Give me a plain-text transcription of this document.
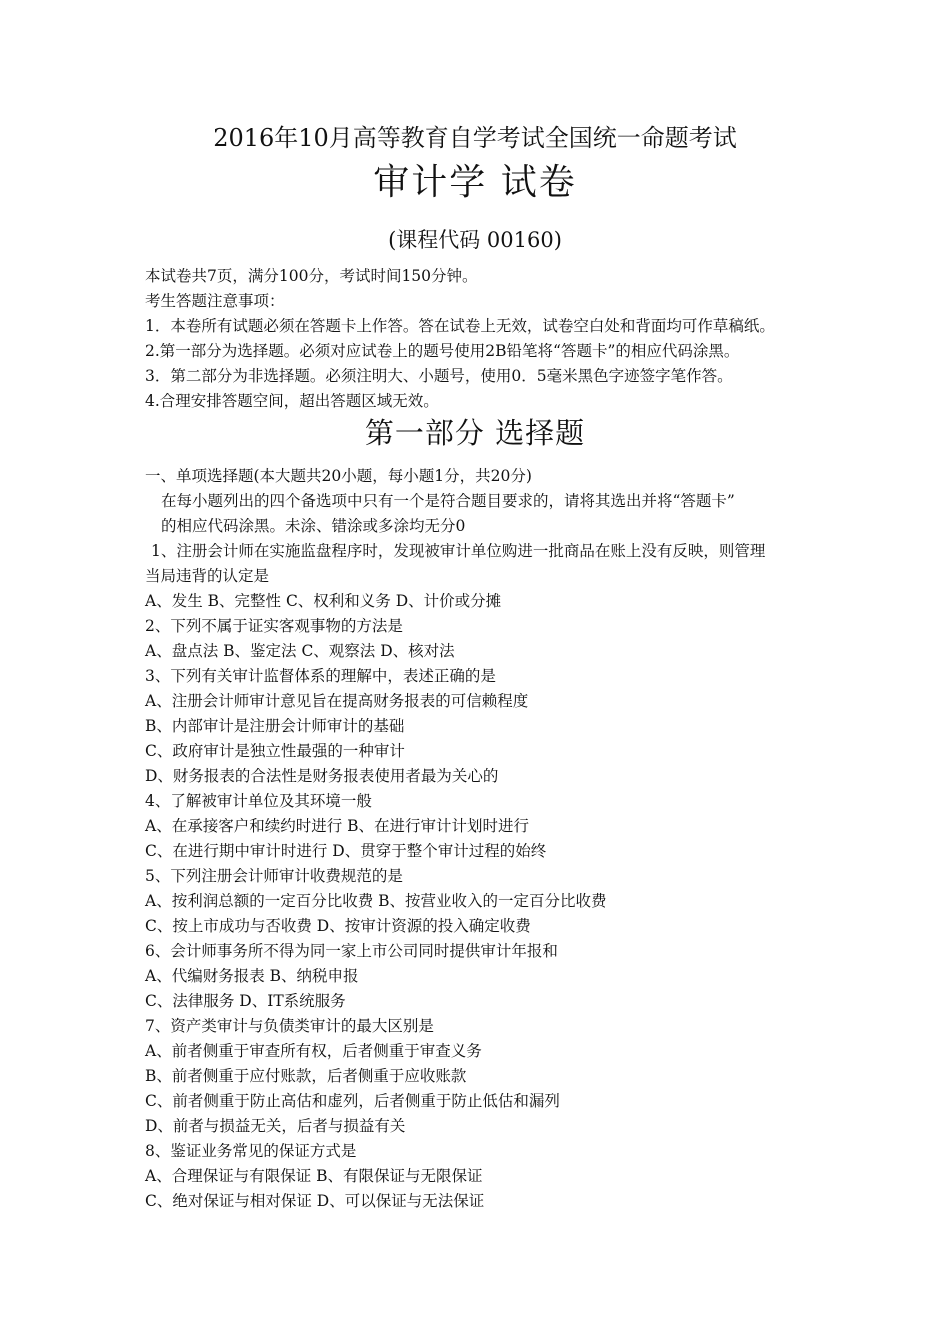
2016年10月高等教育自学考试全国统一命题考试
审计学 试卷
(课程代码 00160)
本试卷共7页，满分100分，考试时间150分钟。
考生答题注意事项：
1．本卷所有试题必须在答题卡上作答。答在试卷上无效，试卷空白处和背面均可作草稿纸。
2.第一部分为选择题。必须对应试卷上的题号使用2B铅笔将“答题卡”的相应代码涂黑。
3．第二部分为非选择题。必须注明大、小题号，使用0．5毫米黑色字迹签字笔作答。
4.合理安排答题空间，超出答题区域无效。
第一部分 选择题
一、单项选择题(本大题共20小题，每小题1分，共20分)
在每小题列出的四个备选项中只有一个是符合题目要求的，请将其选出并将“答题卡”
的相应代码涂黑。未涂、错涂或多涂均无分0
1、注册会计师在实施监盘程序时，发现被审计单位购进一批商品在账上没有反映，则管理
当局违背的认定是
A、发生 B、完整性 C、权利和义务 D、计价或分摊
2、下列不属于证实客观事物的方法是
A、盘点法 B、鉴定法 C、观察法 D、核对法
3、下列有关审计监督体系的理解中，表述正确的是
A、注册会计师审计意见旨在提高财务报表的可信赖程度
B、内部审计是注册会计师审计的基础
C、政府审计是独立性最强的一种审计
D、财务报表的合法性是财务报表使用者最为关心的
4、了解被审计单位及其环境一般
A、在承接客户和续约时进行 B、在进行审计计划时进行
C、在进行期中审计时进行 D、贯穿于整个审计过程的始终
5、下列注册会计师审计收费规范的是
A、按利润总额的一定百分比收费 B、按营业收入的一定百分比收费
C、按上市成功与否收费 D、按审计资源的投入确定收费
6、会计师事务所不得为同一家上市公司同时提供审计年报和
A、代编财务报表 B、纳税申报
C、法律服务 D、IT系统服务
7、资产类审计与负债类审计的最大区别是
A、前者侧重于审查所有权，后者侧重于审查义务
B、前者侧重于应付账款，后者侧重于应收账款
C、前者侧重于防止高估和虚列，后者侧重于防止低估和漏列
D、前者与损益无关，后者与损益有关
8、鉴证业务常见的保证方式是
A、合理保证与有限保证 B、有限保证与无限保证
C、绝对保证与相对保证 D、可以保证与无法保证
